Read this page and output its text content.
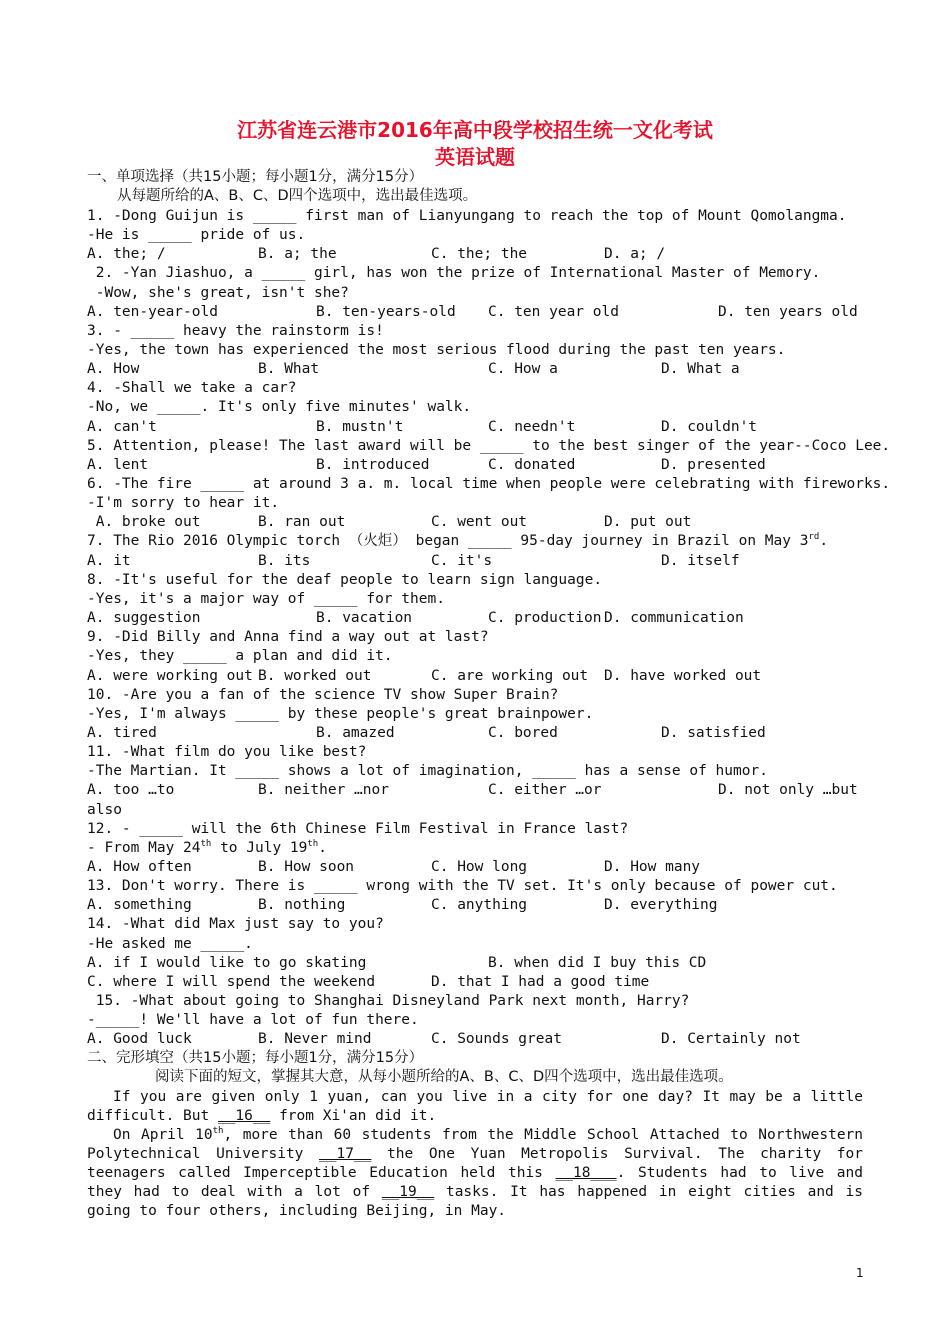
江苏省连云港市2016年高中段学校招生统一文化考试
英语试题
一、单项选择（共15小题；每小题1分，满分15分）
从每题所给的A、B、C、D四个选项中，选出最佳选项。
1. -Dong Guijun is _____ first man of Lianyungang to reach the top of Mount Qomolangma.
-He is _____ pride of us.
A. the; /	B. a; the	C. the; the	D. a; /
2. -Yan Jiashuo, a _____ girl, has won the prize of International Master of Memory.
-Wow, she's great, isn't she?
A. ten-year-old	B. ten-years-old C. ten year old	D. ten years old
3. - _____ heavy the rainstorm is!
-Yes, the town has experienced the most serious flood during the past ten years.
A. How	B. What	C. How a	D. What a
4. -Shall we take a car?
-No, we _____. It's only five minutes' walk.
A. can't	B. mustn't	C. needn't	D. couldn't
5. Attention, please! The last award will be _____ to the best singer of the year--Coco Lee.
A. lent	B. introduced	C. donated	D. presented
6. -The fire _____ at around 3 a. m. local time when people were celebrating with fireworks.
-I'm sorry to hear it.
A. broke out	B. ran out	C. went out	D. put out
7. The Rio 2016 Olympic torch （火炬） began _____ 95-day journey in Brazil on May 3rd.
A. it	B. its	C. it's	D. itself
8. -It's useful for the deaf people to learn sign language.
-Yes, it's a major way of _____ for them.
A. suggestion	B. vacation	C. production D. communication
9. -Did Billy and Anna find a way out at last?
-Yes, they _____ a plan and did it.
A. were working out B. worked out	C. are working out D. have worked out
10. -Are you a fan of the science TV show Super Brain?
-Yes, I'm always _____ by these people's great brainpower.
A. tired	B. amazed	C. bored	D. satisfied
11. -What film do you like best?
-The Martian. It _____ shows a lot of imagination, _____ has a sense of humor.
A. too …to	B. neither …nor	C. either …or	D. not only …but
also
12. - _____ will the 6th Chinese Film Festival in France last?
- From May 24th to July 19th.
A. How often	B. How soon	C. How long	D. How many
13. Don't worry. There is _____ wrong with the TV set. It's only because of power cut.
A. something	B. nothing	C. anything	D. everything
14. -What did Max just say to you?
-He asked me _____.
A. if I would like to go skating	B. when did I buy this CD
C. where I will spend the weekend	D. that I had a good time
15. -What about going to Shanghai Disneyland Park next month, Harry?
-_____! We'll have a lot of fun there.
A. Good luck	B. Never mind	C. Sounds great	D. Certainly not
二、完形填空（共15小题；每小题1分，满分15分）
阅读下面的短文，掌握其大意，从每小题所给的A、B、C、D四个选项中，选出最佳选项。
If you are given only 1 yuan, can you live in a city for one day? It may be a little difficult. But __16__ from Xi'an did it.
On April 10th, more than 60 students from the Middle School Attached to Northwestern Polytechnical University __17__ the One Yuan Metropolis Survival. The charity for teenagers called Imperceptible Education held this __18___. Students had to live and they had to deal with a lot of __19__ tasks. It has happened in eight cities and is going to four others, including Beijing, in May.
1
